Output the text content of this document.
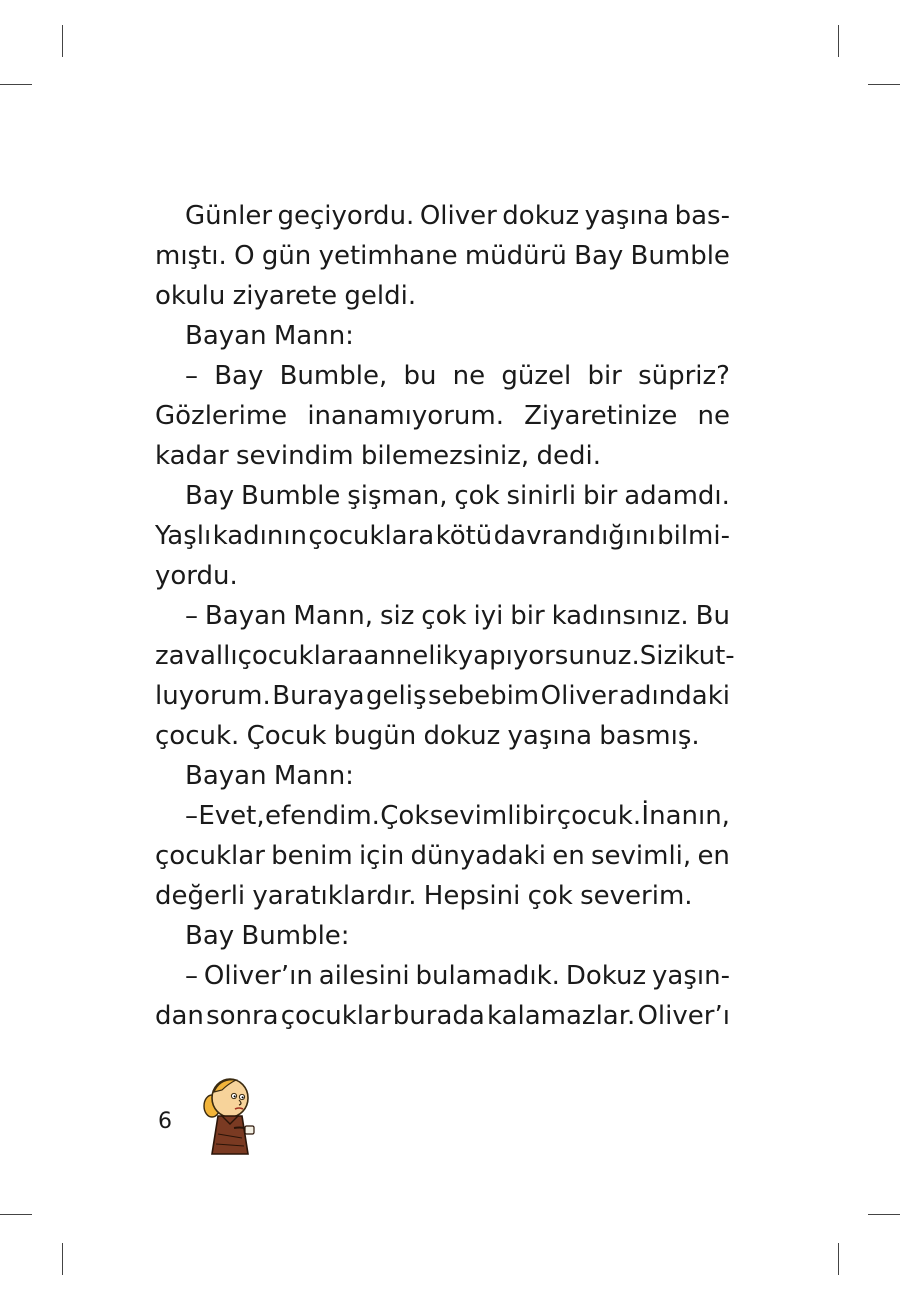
Günler geçiyordu. Oliver dokuz yaşına bas-
mıştı. O gün yetimhane müdürü Bay Bumble
okulu ziyarete geldi.
Bayan Mann:
– Bay Bumble, bu ne güzel bir süpriz?
Gözlerime inanamıyorum. Ziyaretinize ne
kadar sevindim bilemezsiniz, dedi.
Bay Bumble şişman, çok sinirli bir adamdı.
Yaşlı kadının çocuklara kötü davrandığını bilmi-
yordu.
– Bayan Mann, siz çok iyi bir kadınsınız. Bu
zavallı çocuklara annelik yapıyorsunuz. Sizi kut-
luyorum. Buraya geliş sebebim Oliver adındaki
çocuk. Çocuk bugün dokuz yaşına basmış.
Bayan Mann:
– Evet, efendim. Çok sevimli bir çocuk. İnanın,
çocuklar benim için dünyadaki en sevimli, en
değerli yaratıklardır. Hepsini çok severim.
Bay Bumble:
– Oliver’ın ailesini bulamadık. Dokuz yaşın-
dan sonra çocuklar burada kalamazlar. Oliver’ı
6
